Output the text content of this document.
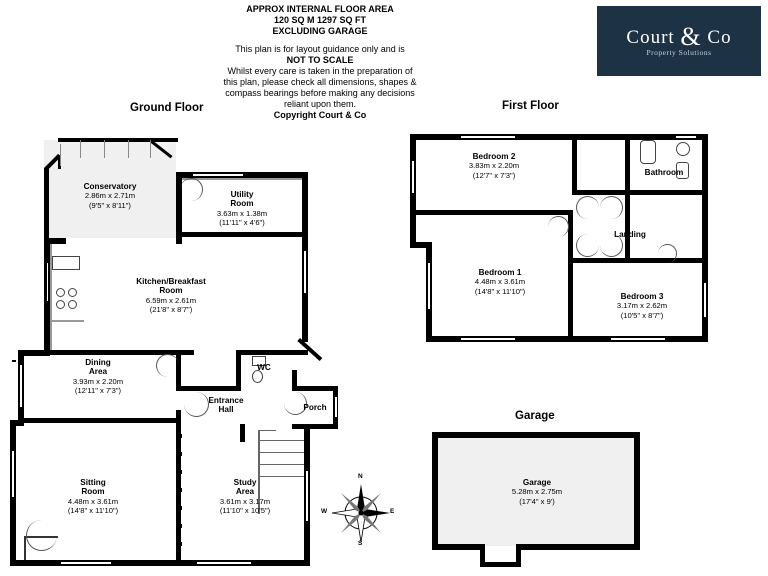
APPROX INTERNAL FLOOR AREA
120 SQ M 1297 SQ FT
EXCLUDING GARAGE
This plan is for layout guidance only and is
NOT TO SCALE
Whilst every care is taken in the preparation of
this plan, please check all dimensions, shapes &
compass bearings before making any decisions
reliant upon them.
Copyright Court & Co
Court & Co
Property Solutions
Ground Floor	First Floor
Garage
Conservatory
2.86m x 2.71m
(9'5" x 8'11")
Utility
Room
3.63m x 1.38m
(11'11" x 4'6")
Kitchen/Breakfast
Room
6.59m x 2.61m
(21'8" x 8'7")
Dining
Area
3.93m x 2.20m
(12'11" x 7'3")
WC
Entrance
Hall	Porch
Sitting
Room
4.48m x 3.61m
(14'8" x 11'10")
Study
Area
3.61m x 3.17m
(11'10" x 10'5")
Bedroom 2
3.83m x 2.20m
(12'7" x 7'3")	Bathroom
Landing
Bedroom 1
4.48m x 3.61m
(14'8" x 11'10")
Bedroom 3
3.17m x 2.62m
(10'5" x 8'7")
Garage
5.28m x 2.75m
(17'4" x 9')
N
S
W	E
